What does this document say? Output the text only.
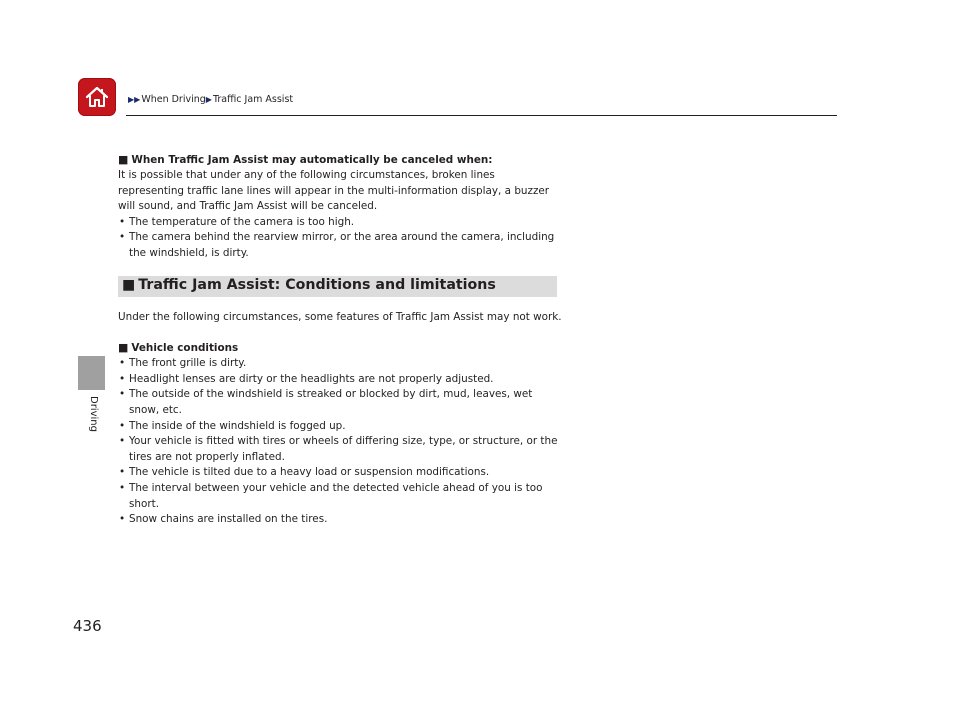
▶▶When Driving▶Traffic Jam Assist
Driving
436

■ When Traffic Jam Assist may automatically be canceled when:

It is possible that under any of the following circumstances, broken lines representing traffic lane lines will appear in the multi-information display, a buzzer will sound, and Traffic Jam Assist will be canceled.

• The temperature of the camera is too high.
• The camera behind the rearview mirror, or the area around the camera, including the windshield, is dirty.
■ Traffic Jam Assist: Conditions and limitations

Under the following circumstances, some features of Traffic Jam Assist may not work.

■ Vehicle conditions

• The front grille is dirty.
• Headlight lenses are dirty or the headlights are not properly adjusted.
• The outside of the windshield is streaked or blocked by dirt, mud, leaves, wet snow, etc.
• The inside of the windshield is fogged up.
• Your vehicle is fitted with tires or wheels of differing size, type, or structure, or the tires are not properly inflated.
• The vehicle is tilted due to a heavy load or suspension modifications.
• The interval between your vehicle and the detected vehicle ahead of you is too short.
• Snow chains are installed on the tires.
